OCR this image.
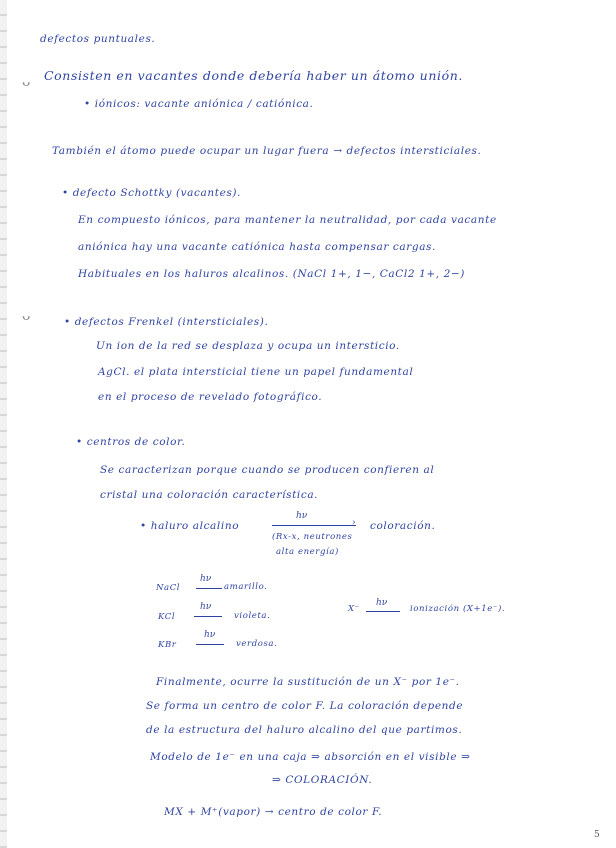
defectos puntuales.
Consisten en vacantes donde debería haber un átomo unión.
ᴗ
• iónicos: vacante aniónica / catiónica.
También el átomo puede ocupar un lugar fuera → defectos intersticiales.
• defecto Schottky (vacantes).
En compuesto iónicos, para mantener la neutralidad, por cada vacante
aniónica hay una vacante catiónica hasta compensar cargas.
Habituales en los haluros alcalinos. (NaCl 1+, 1−, CaCl2 1+, 2−)
• defectos Frenkel (intersticiales).
ᴗ
Un ion de la red se desplaza y ocupa un intersticio.
AgCl. el plata intersticial tiene un papel fundamental
en el proceso de revelado fotográfico.
• centros de color.
Se caracterizan porque cuando se producen confieren al
cristal una coloración característica.
• haluro alcalino
hν
› coloración.
(Rx-x, neutrones
alta energía)
NaCl
hν
amarillo.
KCl
hν
violeta.
X⁻
hν
ionización (X+1e⁻).
KBr
hν
verdosa.
Finalmente, ocurre la sustitución de un X⁻ por 1e⁻.
Se forma un centro de color F. La coloración depende
de la estructura del haluro alcalino del que partimos.
Modelo de 1e⁻ en una caja ⇒ absorción en el visible ⇒
⇒ COLORACIÓN.
MX + M⁺(vapor) → centro de color F.
5
